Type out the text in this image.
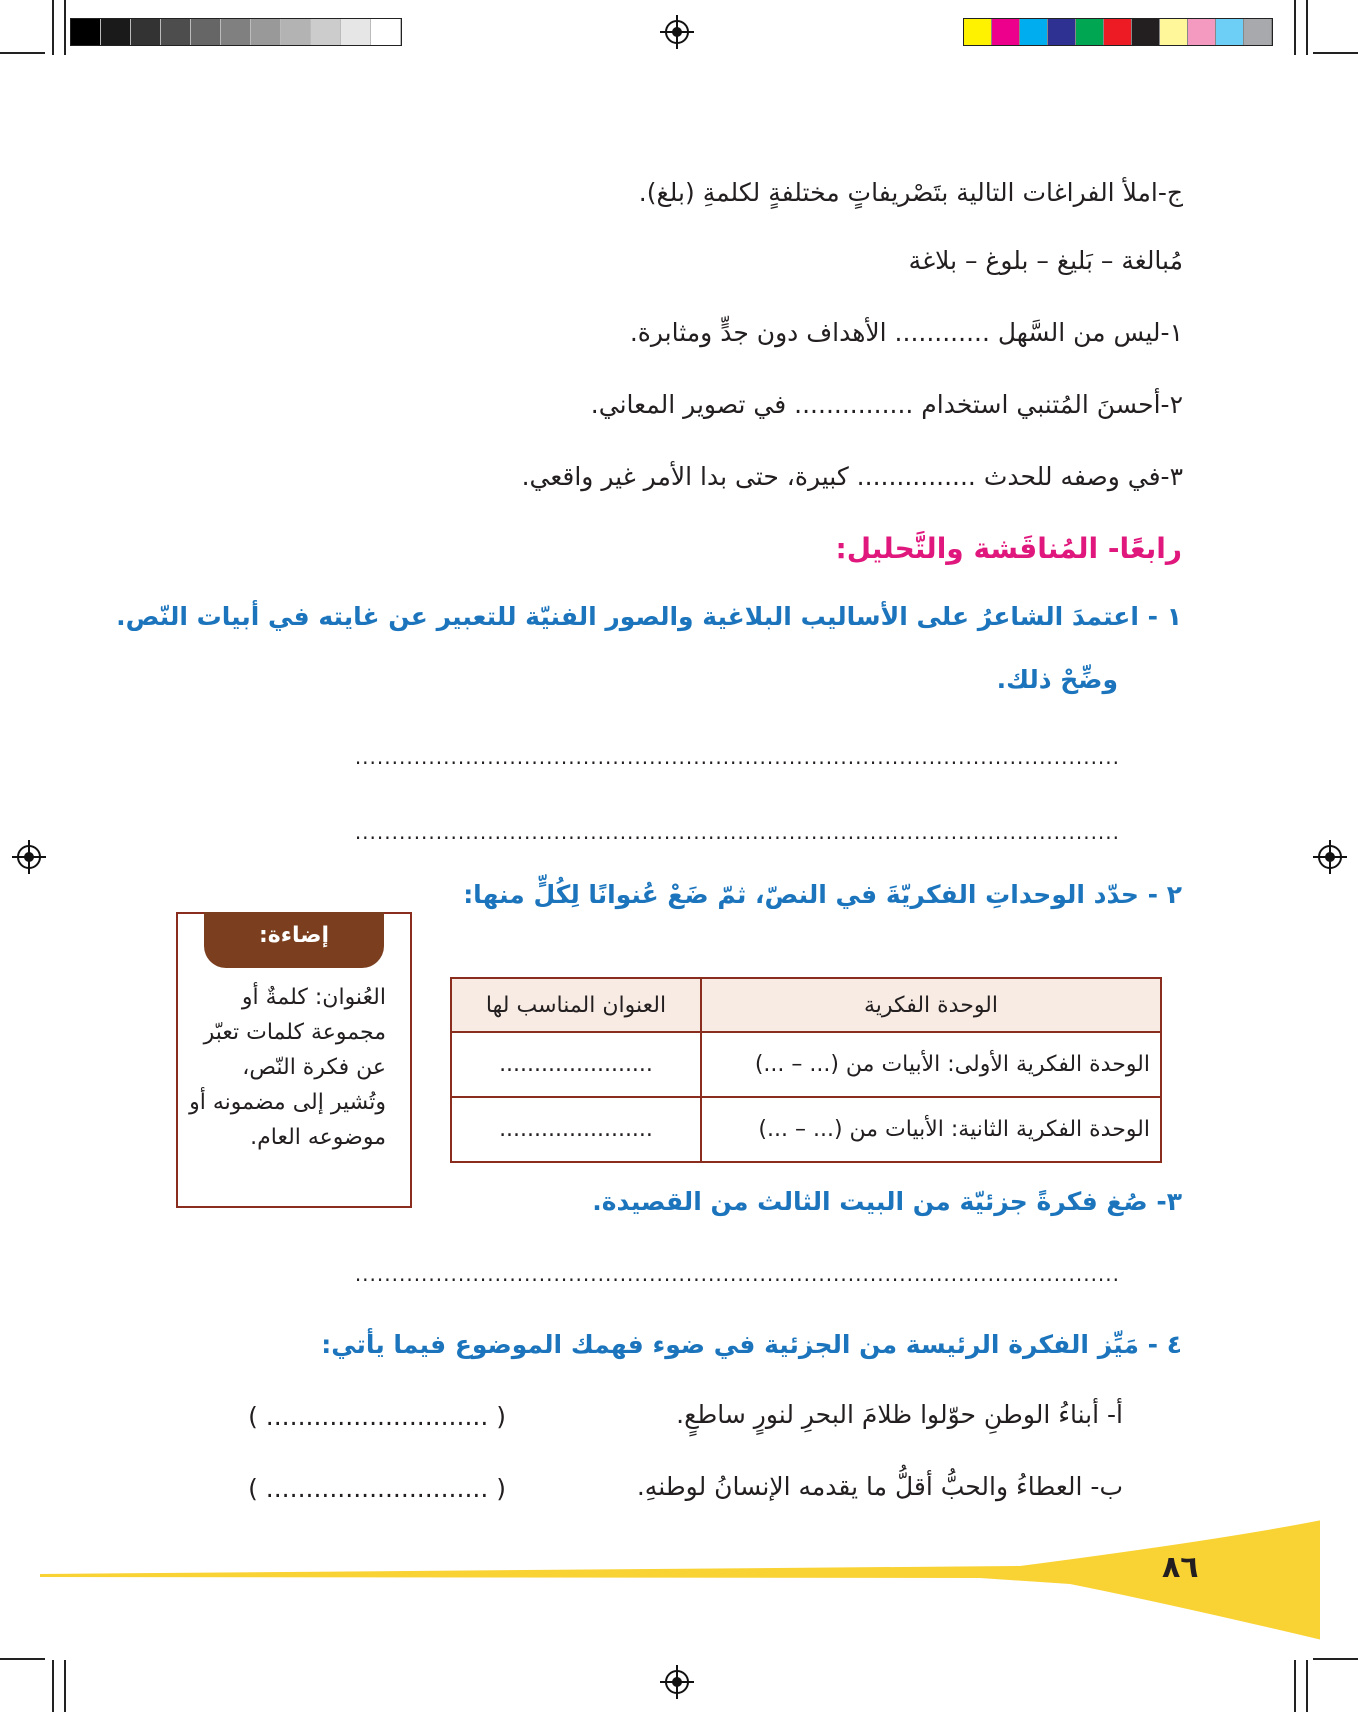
ج-املأ الفراغات التالية بتَصْريفاتٍ مختلفةٍ لكلمةِ (بلغ).
مُبالغة – بَليغ – بلوغ – بلاغة
١-ليس من السَّهل ............ الأهداف دون جدٍّ ومثابرة.
٢-أحسنَ المُتنبي استخدام ............... في تصوير المعاني.
٣-في وصفه للحدث ............... كبيرة، حتى بدا الأمر غير واقعي.
رابعًا- المُناقَشة والتَّحليل:
١ - اعتمدَ الشاعرُ على الأساليب البلاغية والصور الفنيّة للتعبير عن غايته في أبيات النّص.
وضِّحْ ذلك.
........................................................................................................
........................................................................................................
٢ - حدّد الوحداتِ الفكريّةَ في النصّ، ثمّ ضَعْ عُنوانًا لِكُلٍّ منها:
الوحدة الفكرية	العنوان المناسب لها
الوحدة الفكرية الأولى: الأبيات من (... – ...)	......................
الوحدة الفكرية الثانية: الأبيات من (... – ...)	......................
إضاءة:
العُنوان: كلمةٌ أو مجموعة كلمات تعبّر عن فكرة النّص، وتُشير إلى مضمونه أو موضوعه العام.
٣- صُغ فكرةً جزئيّة من البيت الثالث من القصيدة.
........................................................................................................
٤ - مَيِّز الفكرة الرئيسة من الجزئية في ضوء فهمك الموضوع فيما يأتي:
أ- أبناءُ الوطنِ حوّلوا ظلامَ البحرِ لنورٍ ساطعٍ.
( ............................ )
ب- العطاءُ والحبُّ أقلُّ ما يقدمه الإنسانُ لوطنهِ.
( ............................ )
٨٦
